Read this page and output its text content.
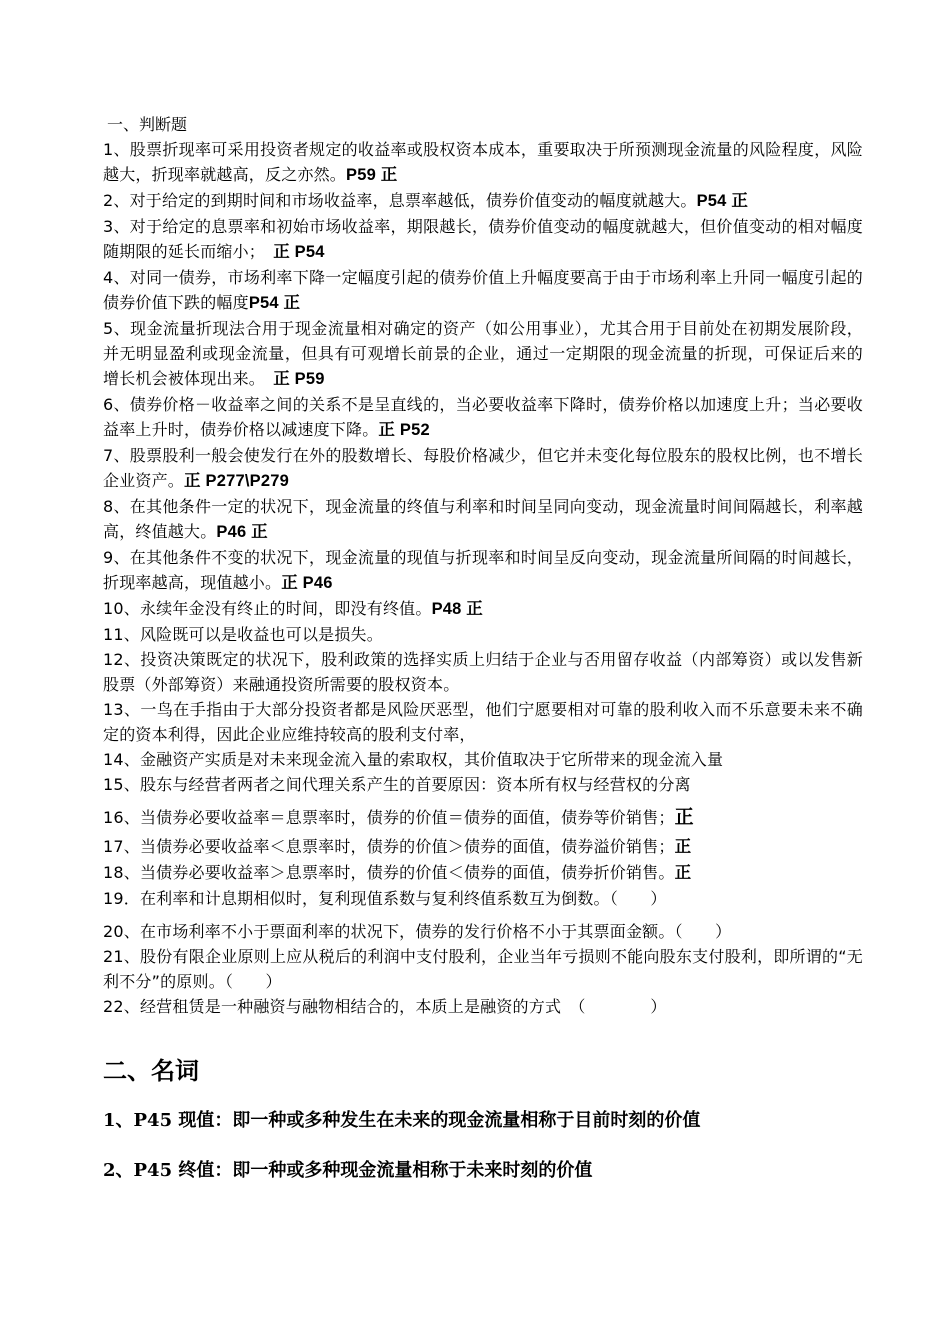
一、判断题

1、股票折现率可采用投资者规定的收益率或股权资本成本，重要取决于所预测现金流量的风险程度，风险越大，折现率就越高，反之亦然。P59 正

2、对于给定的到期时间和市场收益率，息票率越低，债券价值变动的幅度就越大。P54 正

3、对于给定的息票率和初始市场收益率，期限越长，债券价值变动的幅度就越大，但价值变动的相对幅度随期限的延长而缩小；　正 P54

4、对同一债券，市场利率下降一定幅度引起的债券价值上升幅度要高于由于市场利率上升同一幅度引起的债券价值下跌的幅度P54 正

5、现金流量折现法合用于现金流量相对确定的资产（如公用事业），尤其合用于目前处在初期发展阶段，并无明显盈利或现金流量，但具有可观增长前景的企业，通过一定期限的现金流量的折现，可保证后来的增长机会被体现出来。　正 P59

6、债券价格－收益率之间的关系不是呈直线的，当必要收益率下降时，债券价格以加速度上升；当必要收益率上升时，债券价格以减速度下降。正 P52

7、股票股利一般会使发行在外的股数增长、每股价格减少，但它并未变化每位股东的股权比例，也不增长企业资产。正 P277\P279

8、在其他条件一定的状况下，现金流量的终值与利率和时间呈同向变动，现金流量时间间隔越长，利率越高，终值越大。P46 正

9、在其他条件不变的状况下，现金流量的现值与折现率和时间呈反向变动，现金流量所间隔的时间越长，折现率越高，现值越小。正 P46

10、永续年金没有终止的时间，即没有终值。P48 正

11、风险既可以是收益也可以是损失。

12、投资决策既定的状况下，股利政策的选择实质上归结于企业与否用留存收益（内部筹资）或以发售新股票（外部筹资）来融通投资所需要的股权资本。

13、一鸟在手指由于大部分投资者都是风险厌恶型，他们宁愿要相对可靠的股利收入而不乐意要未来不确定的资本利得，因此企业应维持较高的股利支付率，

14、金融资产实质是对未来现金流入量的索取权，其价值取决于它所带来的现金流入量

15、股东与经营者两者之间代理关系产生的首要原因：资本所有权与经营权的分离

16、当债券必要收益率＝息票率时，债券的价值＝债券的面值，债券等价销售；正

17、当债券必要收益率＜息票率时，债券的价值＞债券的面值，债券溢价销售；正

18、当债券必要收益率＞息票率时，债券的价值＜债券的面值，债券折价销售。正

19．在利率和计息期相似时，复利现值系数与复利终值系数互为倒数。（　　）

20、在市场利率不小于票面利率的状况下，债券的发行价格不小于其票面金额。（　　）

21、股份有限企业原则上应从税后的利润中支付股利，企业当年亏损则不能向股东支付股利，即所谓的“无利不分”的原则。（　　）

22、经营租赁是一种融资与融物相结合的，本质上是融资的方式　（　　　　）

二、名词

1、P45 现值：即一种或多种发生在未来的现金流量相称于目前时刻的价值

2、P45 终值：即一种或多种现金流量相称于未来时刻的价值
